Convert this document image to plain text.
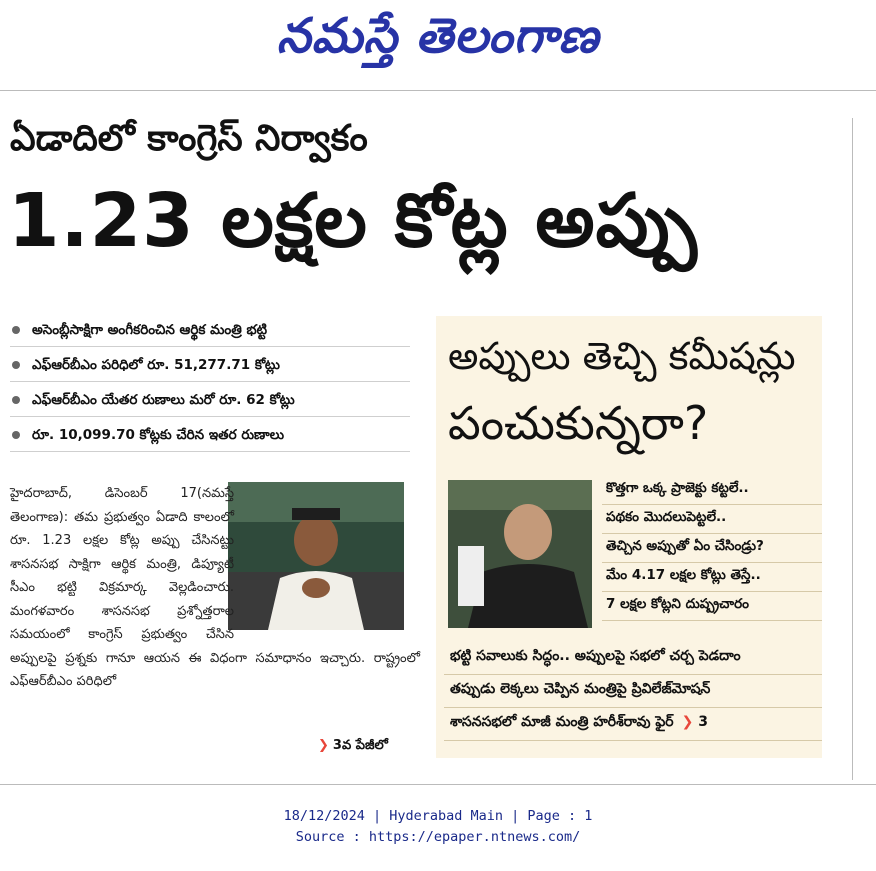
నమస్తే తెలంగాణ
ఏడాదిలో కాంగ్రెస్ నిర్వాకం
1.23 లక్షల కోట్ల అప్పు
అసెంబ్లీసాక్షిగా అంగీకరించిన ఆర్థిక మంత్రి భట్టి
ఎఫ్ఆర్‌బీఎం పరిధిలో రూ. 51,277.71 కోట్లు
ఎఫ్ఆర్‌బీఎం యేతర రుణాలు మరో రూ. 62 కోట్లు
రూ. 10,099.70 కోట్లకు చేరిన ఇతర రుణాలు
హైదరాబాద్, డిసెంబర్ 17(నమస్తే తెలంగాణ): తమ ప్రభుత్వం ఏడాది కాలంలో రూ. 1.23 లక్షల కోట్ల అప్పు చేసినట్టు శాసనసభ సాక్షిగా ఆర్థిక మంత్రి, డిప్యూటీ సీఎం భట్టి విక్రమార్క వెల్లడించారు. మంగళవారం శాసనసభ ప్రశ్నోత్తరాల సమయంలో కాంగ్రెస్ ప్రభుత్వం చేసిన అప్పులపై ప్రశ్నకు గానూ ఆయన ఈ విధంగా సమాధానం ఇచ్చారు. రాష్ట్రంలో ఎఫ్ఆర్‌బీఎం పరిధిలో
❯ 3వ పేజీలో
అప్పులు తెచ్చి కమీషన్లు
పంచుకున్నరా?
కొత్తగా ఒక్క ప్రాజెక్టు కట్టలే..
పథకం మొదలుపెట్టలే..
తెచ్చిన అప్పుతో ఏం చేసిండ్రు?
మేం 4.17 లక్షల కోట్లు తెస్తే..
7 లక్షల కోట్లని దుష్ప్రచారం
భట్టి సవాలుకు సిద్ధం.. అప్పులపై సభలో చర్చ పెడదాం
తప్పుడు లెక్కలు చెప్పిన మంత్రిపై ప్రివిలేజ్‌మోషన్
శాసనసభలో మాజీ మంత్రి హరీశ్‌రావు ఫైర్ ❯ 3
18/12/2024 | Hyderabad Main | Page : 1
Source : https://epaper.ntnews.com/
